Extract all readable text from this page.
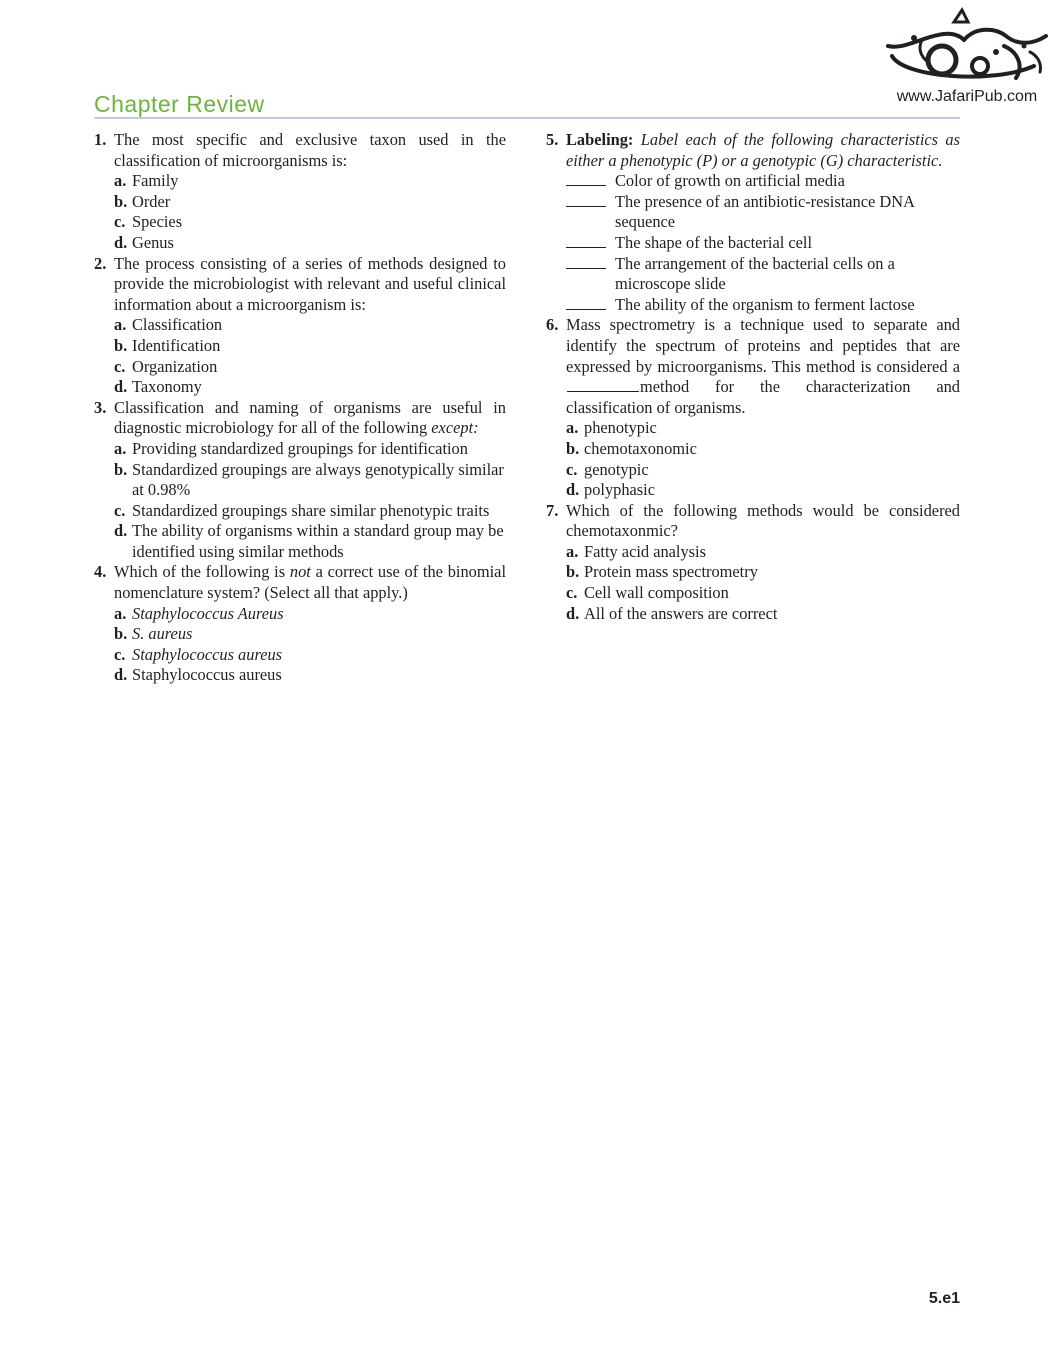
www.JafariPub.com
Chapter Review
1. The most specific and exclusive taxon used in the classification of microorganisms is:
a. Family
b. Order
c. Species
d. Genus
2. The process consisting of a series of methods designed to provide the microbiologist with relevant and useful clinical information about a microorganism is:
a. Classification
b. Identification
c. Organization
d. Taxonomy
3. Classification and naming of organisms are useful in diagnostic microbiology for all of the following except:
a. Providing standardized groupings for identification
b. Standardized groupings are always genotypically similar at 0.98%
c. Standardized groupings share similar phenotypic traits
d. The ability of organisms within a standard group may be identified using similar methods
4. Which of the following is not a correct use of the binomial nomenclature system? (Select all that apply.)
a. Staphylococcus Aureus
b. S. aureus
c. Staphylococcus aureus
d. Staphylococcus aureus
5. Labeling: Label each of the following characteristics as either a phenotypic (P) or a genotypic (G) characteristic.
Color of growth on artificial media
The presence of an antibiotic-resistance DNA sequence
The shape of the bacterial cell
The arrangement of the bacterial cells on a microscope slide
The ability of the organism to ferment lactose
6. Mass spectrometry is a technique used to separate and identify the spectrum of proteins and peptides that are expressed by microorganisms. This method is considered a method for the characterization and classification of organisms.
a. phenotypic
b. chemotaxonomic
c. genotypic
d. polyphasic
7. Which of the following methods would be considered chemotaxonmic?
a. Fatty acid analysis
b. Protein mass spectrometry
c. Cell wall composition
d. All of the answers are correct
5.e1
